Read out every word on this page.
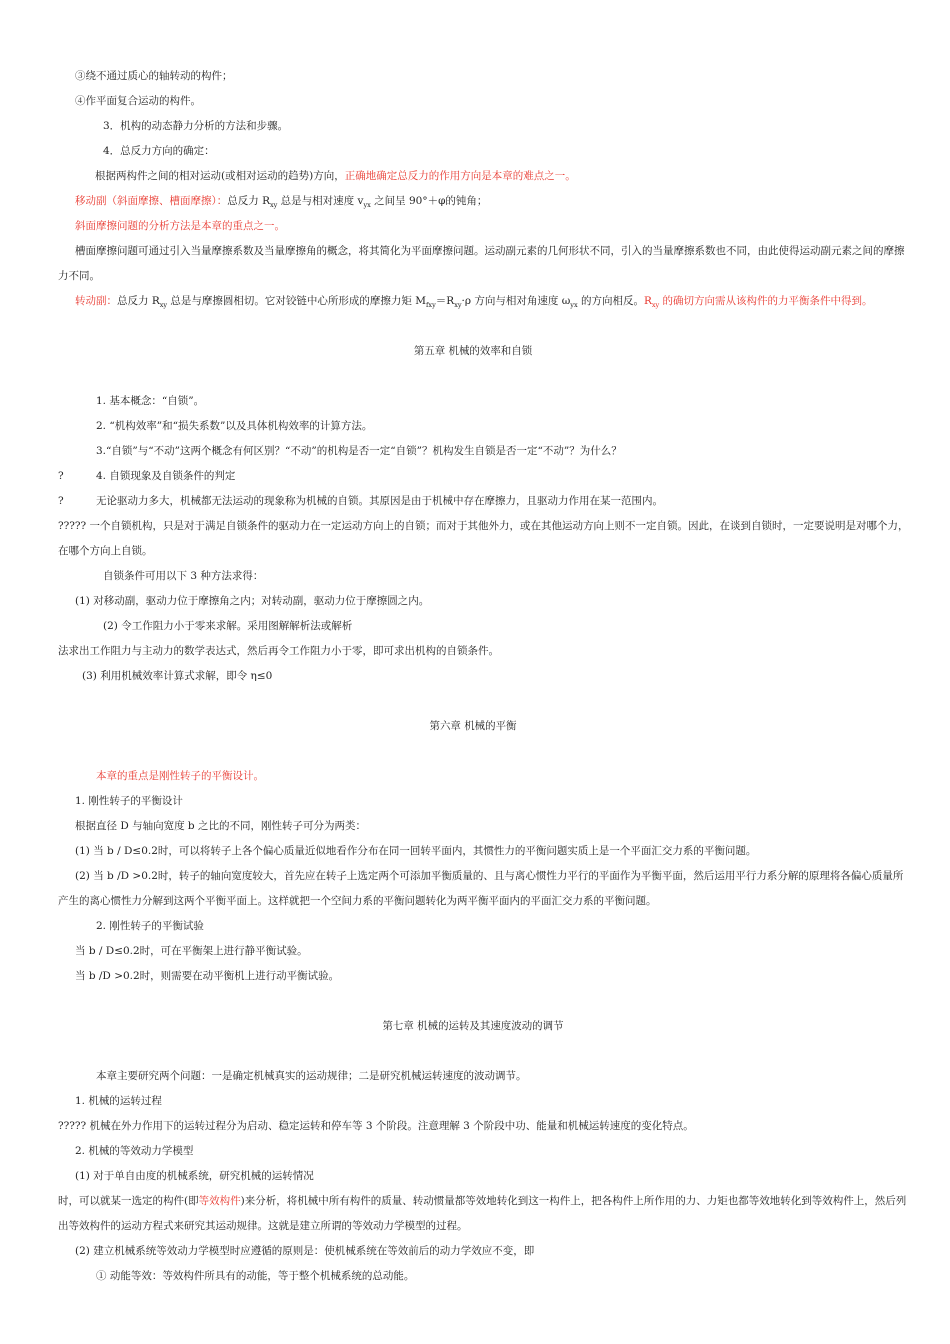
③绕不通过质心的轴转动的构件；
④作平面复合运动的构件。
3．机构的动态静力分析的方法和步骤。
4．总反力方向的确定：
根据两构件之间的相对运动(或相对运动的趋势)方向，正确地确定总反力的作用方向是本章的难点之一。
移动副（斜面摩擦、槽面摩擦）：总反力 $R_{xy}$ 总是与相对速度 $v_{yx}$ 之间呈 90°＋φ的钝角；
斜面摩擦问题的分析方法是本章的重点之一。
槽面摩擦问题可通过引入当量摩擦系数及当量摩擦角的概念，将其简化为平面摩擦问题。运动副元素的几何形状不同，引入的当量摩擦系数也不同，由此使得运动副元素之间的摩擦
力不同。
转动副：总反力 $R_{xy}$ 总是与摩擦圆相切。它对铰链中心所形成的摩擦力矩 $M_{fxy}=R_{xy}\cdot\rho$ 方向与相对角速度 $\omega_{yx}$ 的方向相反。$R_{xy}$ 的确切方向需从该构件的力平衡条件中得到。
第五章 机械的效率和自锁
1. 基本概念：“自锁”。
2. “机构效率”和“损失系数”以及具体机构效率的计算方法。
3.“自锁”与“不动”这两个概念有何区别？“不动”的机构是否一定“自锁”？机构发生自锁是否一定“不动”？为什么？
?	4. 自锁现象及自锁条件的判定
?	无论驱动力多大，机械都无法运动的现象称为机械的自锁。其原因是由于机械中存在摩擦力，且驱动力作用在某一范围内。
????? 一个自锁机构，只是对于满足自锁条件的驱动力在一定运动方向上的自锁；而对于其他外力，或在其他运动方向上则不一定自锁。因此，在谈到自锁时，一定要说明是对哪个力，
在哪个方向上自锁。
自锁条件可用以下 3 种方法求得：
(1) 对移动副，驱动力位于摩擦角之内；对转动副，驱动力位于摩擦圆之内。
(2) 令工作阻力小于零来求解。采用图解解析法或解析
法求出工作阻力与主动力的数学表达式，然后再令工作阻力小于零，即可求出机构的自锁条件。
(3) 利用机械效率计算式求解，即令 η≤0
第六章 机械的平衡
本章的重点是刚性转子的平衡设计。
1. 刚性转子的平衡设计
根据直径 D 与轴向宽度 b 之比的不同，刚性转子可分为两类：
(1) 当 b / D≤0.2时，可以将转子上各个偏心质量近似地看作分布在同一回转平面内，其惯性力的平衡问题实质上是一个平面汇交力系的平衡问题。
(2) 当 b /D >0.2时，转子的轴向宽度较大，首先应在转子上选定两个可添加平衡质量的、且与离心惯性力平行的平面作为平衡平面，然后运用平行力系分解的原理将各偏心质量所
产生的离心惯性力分解到这两个平衡平面上。这样就把一个空间力系的平衡问题转化为两平衡平面内的平面汇交力系的平衡问题。
2. 刚性转子的平衡试验
当 b / D≤0.2时，可在平衡架上进行静平衡试验。
当 b /D >0.2时，则需要在动平衡机上进行动平衡试验。
第七章 机械的运转及其速度波动的调节
本章主要研究两个问题：一是确定机械真实的运动规律；二是研究机械运转速度的波动调节。
1. 机械的运转过程
????? 机械在外力作用下的运转过程分为启动、稳定运转和停车等 3 个阶段。注意理解 3 个阶段中功、能量和机械运转速度的变化特点。
2. 机械的等效动力学模型
(1) 对于单自由度的机械系统，研究机械的运转情况
时，可以就某一选定的构件(即等效构件)来分析，将机械中所有构件的质量、转动惯量都等效地转化到这一构件上，把各构件上所作用的力、力矩也都等效地转化到等效构件上，然后列
出等效构件的运动方程式来研究其运动规律。这就是建立所谓的等效动力学模型的过程。
(2) 建立机械系统等效动力学模型时应遵循的原则是：使机械系统在等效前后的动力学效应不变，即
① 动能等效：等效构件所具有的动能，等于整个机械系统的总动能。
